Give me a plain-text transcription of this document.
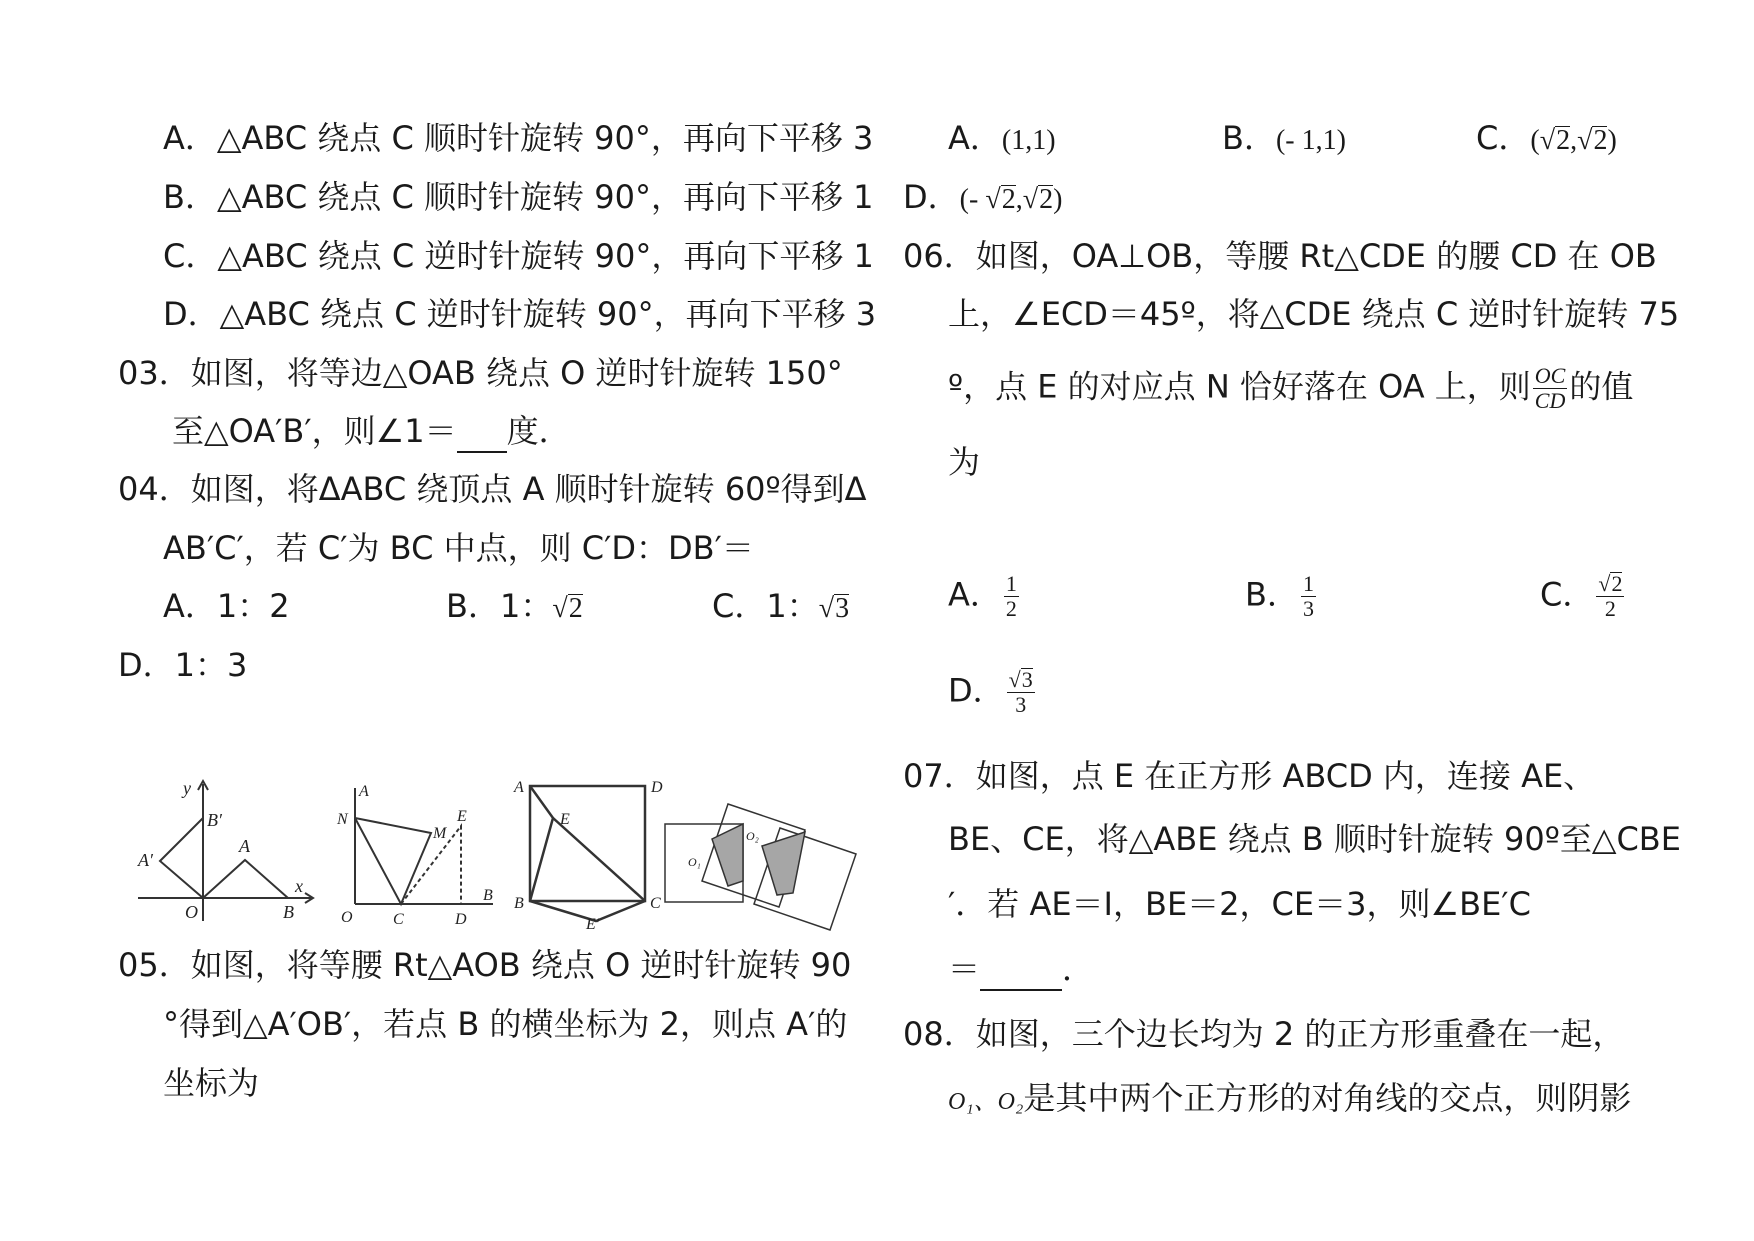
A．△ABC 绕点 C 顺时针旋转 90°，再向下平移 3
B．△ABC 绕点 C 顺时针旋转 90°，再向下平移 1
C．△ABC 绕点 C 逆时针旋转 90°，再向下平移 1
D．△ABC 绕点 C 逆时针旋转 90°，再向下平移 3
03．如图，将等边△OAB 绕点 O 逆时针旋转 150°
至△OA′B′，则∠1＝ 度．
04．如图，将ΔABC 绕顶点 A 顺时针旋转 60º得到Δ
AB′C′，若 C′为 BC 中点，则 C′D：DB′＝
A．1：2	B．1：√2	C．1：√3
D．1：3
y
x
B′
A′
A
O	B
A
N
M
E
O	C	D
B
A	D
E
B	C
E′
O₁
O₂
05．如图，将等腰 Rt△AOB 绕点 O 逆时针旋转 90
°得到△A′OB′，若点 B 的横坐标为 2，则点 A′的
坐标为
A．(1,1)	B．(- 1,1)	C．(√2,√2)
D．(- √2,√2)
06．如图，OA⊥OB，等腰 Rt△CDE 的腰 CD 在 OB
上，∠ECD＝45º，将△CDE 绕点 C 逆时针旋转 75
º，点 E 的对应点 N 恰好落在 OA 上，则 $\frac{OC}{CD}$ 的值
为
A． $\frac{1}{2}$	B． $\frac{1}{3}$	C． $\frac{√2}{2}$
D． $\frac{√3}{3}$
07．如图，点 E 在正方形 ABCD 内，连接 AE、
BE、CE，将△ABE 绕点 B 顺时针旋转 90º至△CBE
′．若 AE＝I，BE＝2，CE＝3，则∠BE′C
＝	．
08．如图，三个边长均为 2 的正方形重叠在一起，
O₁、O₂是其中两个正方形的对角线的交点，则阴影
